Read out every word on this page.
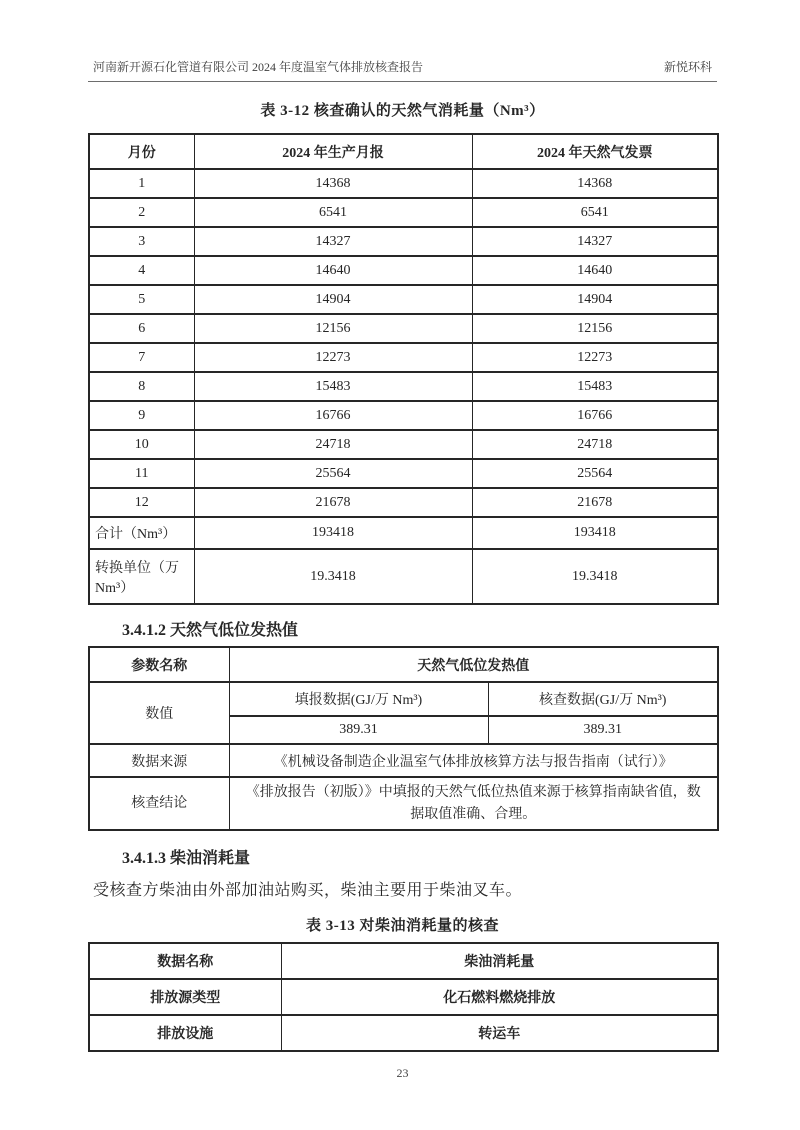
河南新开源石化管道有限公司 2024 年度温室气体排放核查报告	新悦环科
表 3-12 核查确认的天然气消耗量（Nm³）
月份	2024 年生产月报	2024 年天然气发票
1	14368	14368
2	6541	6541
3	14327	14327
4	14640	14640
5	14904	14904
6	12156	12156
7	12273	12273
8	15483	15483
9	16766	16766
10	24718	24718
11	25564	25564
12	21678	21678
合计（Nm³）	193418	193418
转换单位（万 Nm³）	19.3418	19.3418
3.4.1.2 天然气低位发热值
参数名称	天然气低位发热值	
数值	填报数据(GJ/万 Nm³)	核查数据(GJ/万 Nm³)
	389.31	389.31
数据来源	《机械设备制造企业温室气体排放核算方法与报告指南（试行）》	
核查结论	《排放报告（初版）》中填报的天然气低位热值来源于核算指南缺省值，数据取值准确、合理。	
3.4.1.3 柴油消耗量

受核查方柴油由外部加油站购买，柴油主要用于柴油叉车。

表 3-13 对柴油消耗量的核查
数据名称	柴油消耗量
排放源类型	化石燃料燃烧排放
排放设施	转运车
23
